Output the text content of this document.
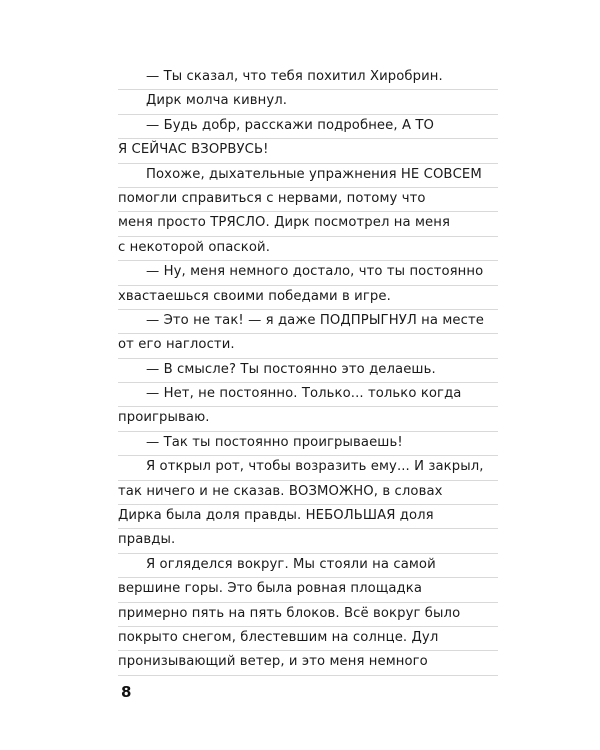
— Ты сказал, что тебя похитил Хиробрин.
Дирк молча кивнул.
— Будь добр, расскажи подробнее, А ТО
Я СЕЙЧАС ВЗОРВУСЬ!
Похоже, дыхательные упражнения НЕ СОВСЕМ
помогли справиться с нервами, потому что
меня просто ТРЯСЛО. Дирк посмотрел на меня
с некоторой опаской.
— Ну, меня немного достало, что ты постоянно
хвастаешься своими победами в игре.
— Это не так! — я даже ПОДПРЫГНУЛ на месте
от его наглости.
— В смысле? Ты постоянно это делаешь.
— Нет, не постоянно. Только... только когда
проигрываю.
— Так ты постоянно проигрываешь!
Я открыл рот, чтобы возразить ему... И закрыл,
так ничего и не сказав. ВОЗМОЖНО, в словах
Дирка была доля правды. НЕБОЛЬШАЯ доля
правды.
Я огляделся вокруг. Мы стояли на самой
вершине горы. Это была ровная площадка
примерно пять на пять блоков. Всё вокруг было
покрыто снегом, блестевшим на солнце. Дул
пронизывающий ветер, и это меня немного
8
